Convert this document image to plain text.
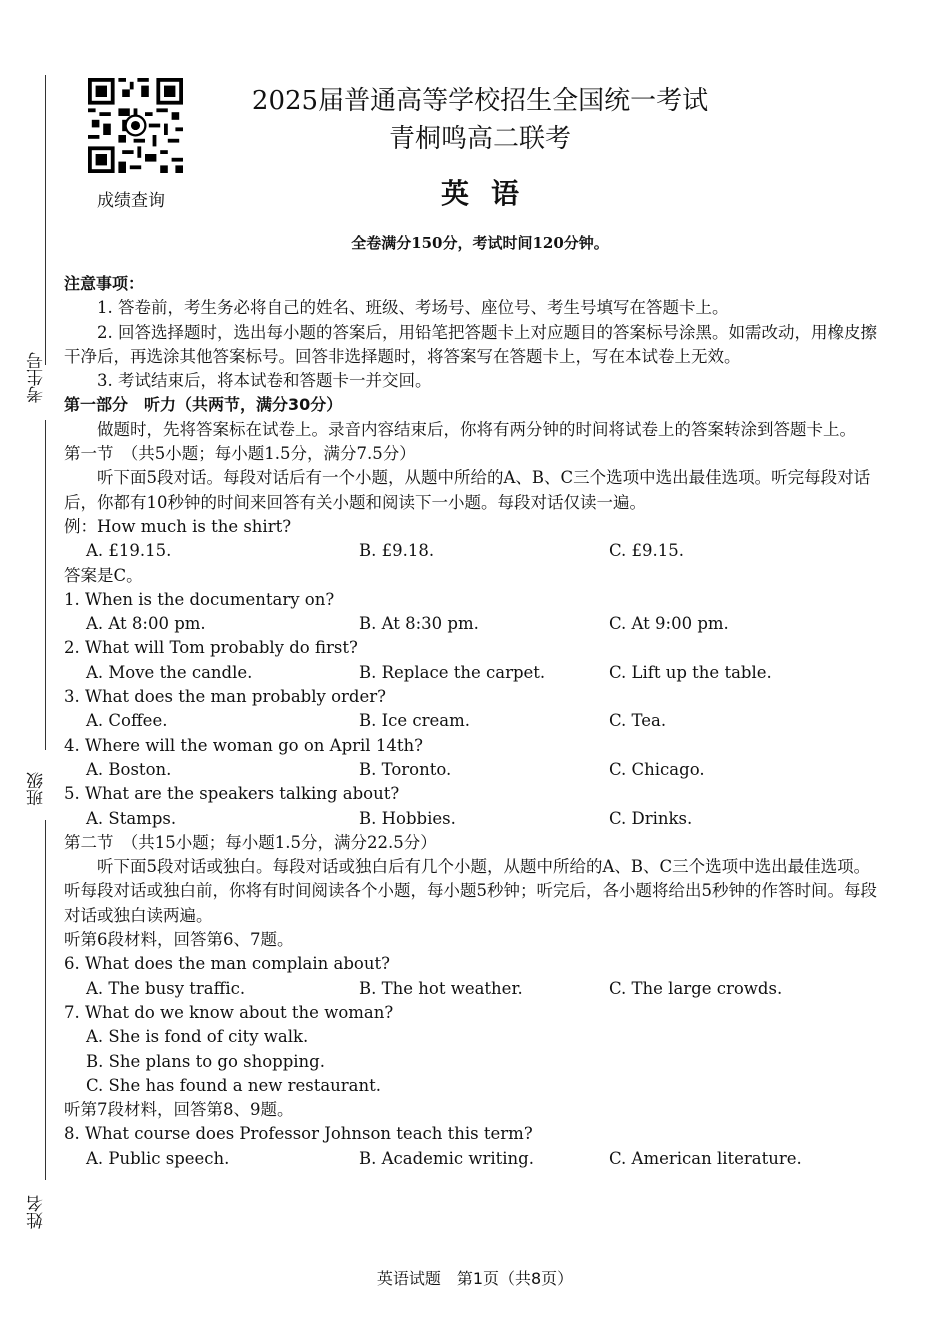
考生号
班级
姓名
成绩查询
2025届普通高等学校招生全国统一考试
青桐鸣高二联考
英语
全卷满分150分，考试时间120分钟。

注意事项：

1. 答卷前，考生务必将自己的姓名、班级、考场号、座位号、考生号填写在答题卡上。

2. 回答选择题时，选出每小题的答案后，用铅笔把答题卡上对应题目的答案标号涂黑。如需改动，用橡皮擦干净后，再选涂其他答案标号。回答非选择题时，将答案写在答题卡上，写在本试卷上无效。

3. 考试结束后，将本试卷和答题卡一并交回。

第一部分　听力（共两节，满分30分）

做题时，先将答案标在试卷上。录音内容结束后，你将有两分钟的时间将试卷上的答案转涂到答题卡上。

第一节　（共5小题；每小题1.5分，满分7.5分）

听下面5段对话。每段对话后有一个小题，从题中所给的A、B、C三个选项中选出最佳选项。听完每段对话后，你都有10秒钟的时间来回答有关小题和阅读下一小题。每段对话仅读一遍。

例：How much is the shirt?

A. £19.15.	B. £9.18.	C. £9.15.

答案是C。

1. When is the documentary on?

A. At 8:00 pm.	B. At 8:30 pm.	C. At 9:00 pm.

2. What will Tom probably do first?

A. Move the candle.	B. Replace the carpet.	C. Lift up the table.

3. What does the man probably order?

A. Coffee.	B. Ice cream.	C. Tea.

4. Where will the woman go on April 14th?

A. Boston.	B. Toronto.	C. Chicago.

5. What are the speakers talking about?

A. Stamps.	B. Hobbies.	C. Drinks.

第二节　（共15小题；每小题1.5分，满分22.5分）

听下面5段对话或独白。每段对话或独白后有几个小题，从题中所给的A、B、C三个选项中选出最佳选项。听每段对话或独白前，你将有时间阅读各个小题，每小题5秒钟；听完后，各小题将给出5秒钟的作答时间。每段对话或独白读两遍。

听第6段材料，回答第6、7题。

6. What does the man complain about?

A. The busy traffic.	B. The hot weather.	C. The large crowds.

7. What do we know about the woman?

A. She is fond of city walk.

B. She plans to go shopping.

C. She has found a new restaurant.

听第7段材料，回答第8、9题。

8. What course does Professor Johnson teach this term?

A. Public speech.	B. Academic writing.	C. American literature.
英语试题　第1页（共8页）
